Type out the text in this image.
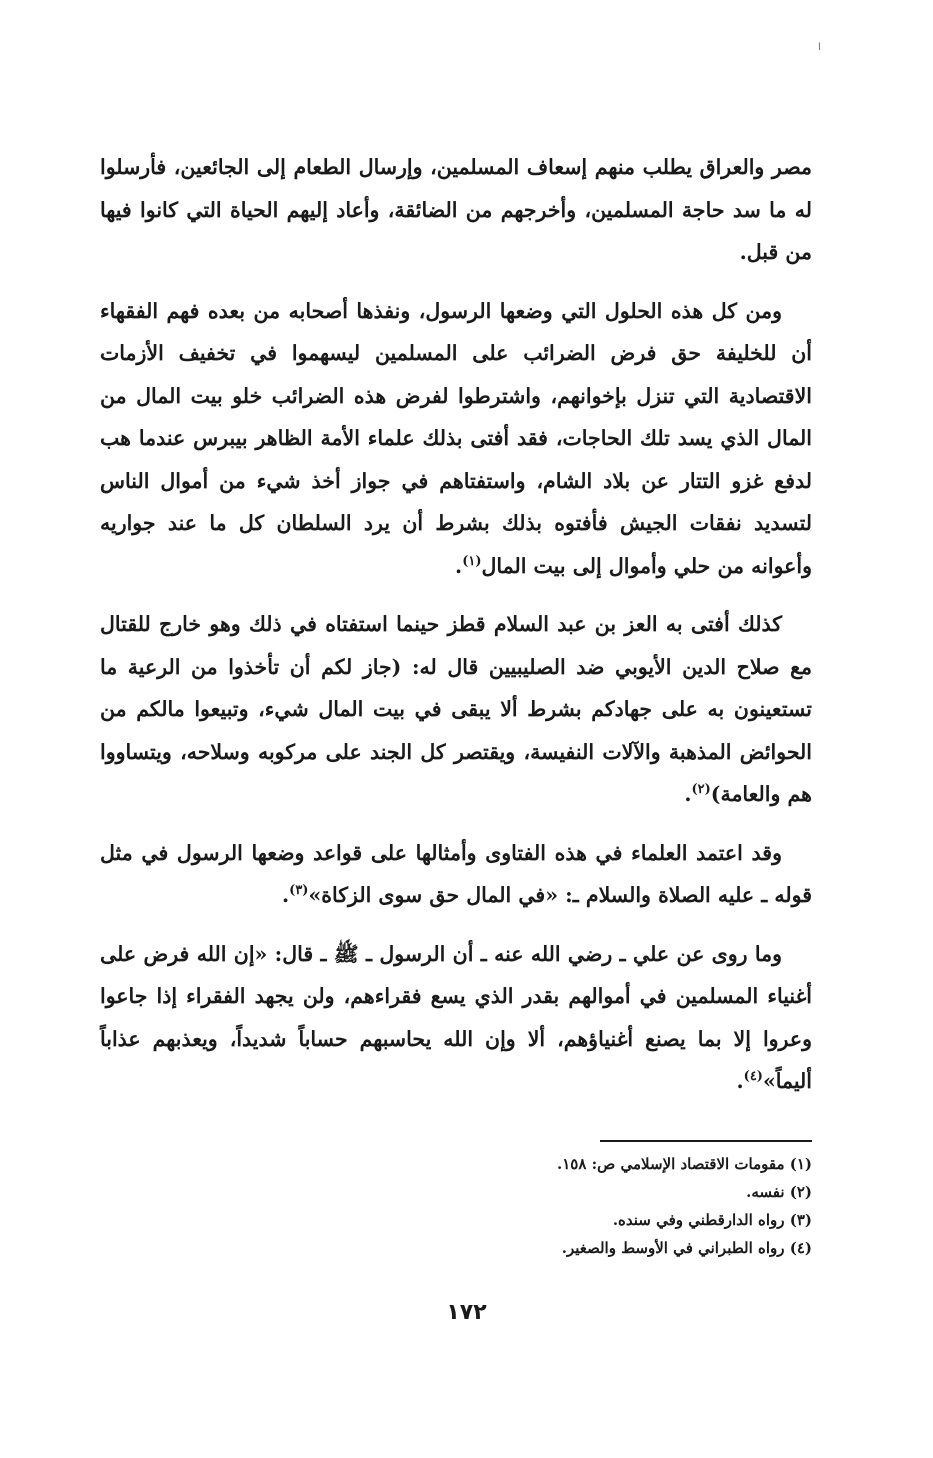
ا

مصر والعراق يطلب منهم إسعاف المسلمين، وإرسال الطعام إلى الجائعين، فأرسلوا له ما سد حاجة المسلمين، وأخرجهم من الضائقة، وأعاد إليهم الحياة التي كانوا فيها من قبل.

ومن كل هذه الحلول التي وضعها الرسول، ونفذها أصحابه من بعده فهم الفقهاء أن للخليفة حق فرض الضرائب على المسلمين ليسهموا في تخفيف الأزمات الاقتصادية التي تنزل بإخوانهم، واشترطوا لفرض هذه الضرائب خلو بيت المال من المال الذي يسد تلك الحاجات، فقد أفتى بذلك علماء الأمة الظاهر بيبرس عندما هب لدفع غزو التتار عن بلاد الشام، واستفتاهم في جواز أخذ شيء من أموال الناس لتسديد نفقات الجيش فأفتوه بذلك بشرط أن يرد السلطان كل ما عند جواريه وأعوانه من حلي وأموال إلى بيت المال$^{(١)}$.

كذلك أفتى به العز بن عبد السلام قطز حينما استفتاه في ذلك وهو خارج للقتال مع صلاح الدين الأيوبي ضد الصليبيين قال له: (جاز لكم أن تأخذوا من الرعية ما تستعينون به على جهادكم بشرط ألا يبقى في بيت المال شيء، وتبيعوا مالكم من الحوائض المذهبة والآلات النفيسة، ويقتصر كل الجند على مركوبه وسلاحه، ويتساووا هم والعامة)$^{(٢)}$.

وقد اعتمد العلماء في هذه الفتاوى وأمثالها على قواعد وضعها الرسول في مثل قوله ـ عليه الصلاة والسلام ـ: «في المال حق سوى الزكاة»$^{(٣)}$.

وما روى عن علي ـ رضي الله عنه ـ أن الرسول ـ ﷺ ـ قال: «إن الله فرض على أغنياء المسلمين في أموالهم بقدر الذي يسع فقراءهم، ولن يجهد الفقراء إذا جاعوا وعروا إلا بما يصنع أغنياؤهم، ألا وإن الله يحاسبهم حساباً شديداً، ويعذبهم عذاباً أليماً»$^{(٤)}$.

(١) مقومات الاقتصاد الإسلامي ص: ١٥٨.

(٢) نفسه.

(٣) رواه الدارقطني وفي سنده.

(٤) رواه الطبراني في الأوسط والصغير.

١٧٢
